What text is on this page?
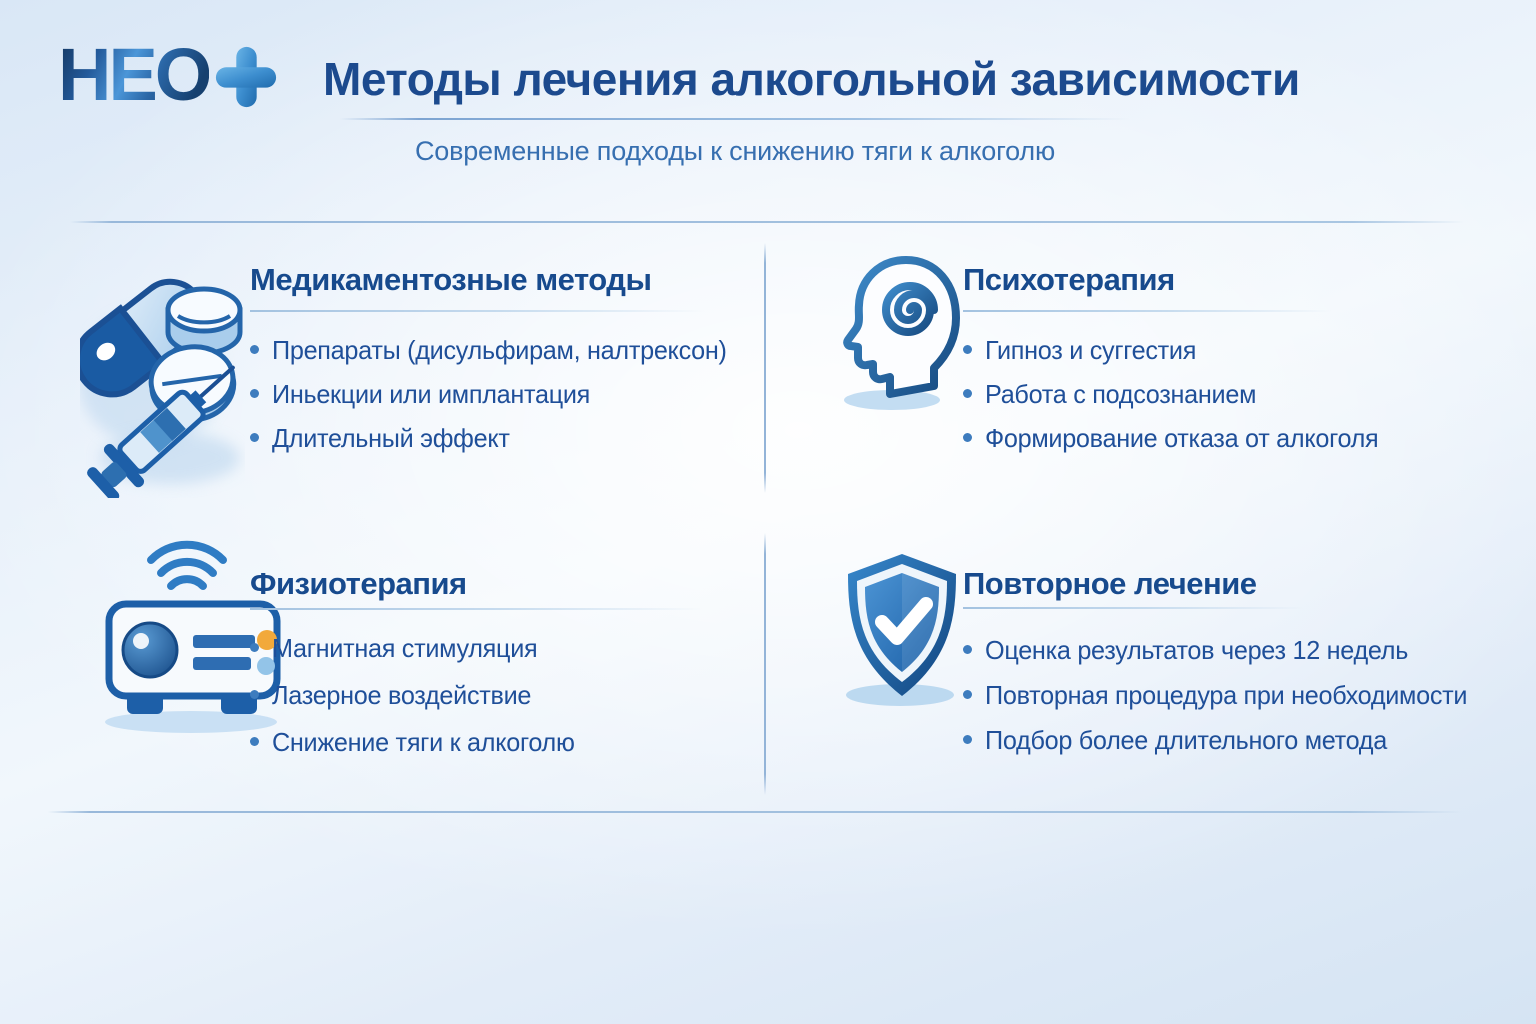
НЕО Методы лечения алкогольной зависимости
Современные подходы к снижению тяги к алкоголю
Медикаментозные методы
Препараты (дисульфирам, налтрексон)
Иньекции или имплантация
Длительный эффект
Психотерапия
Гипноз и суггестия
Работа с подсознанием
Формирование отказа от алкоголя
Физиотерапия
Магнитная стимуляция
Лазерное воздействие
Снижение тяги к алкоголю
Повторное лечение
Оценка результатов через 12 недель
Повторная процедура при необходимости
Подбор более длительного метода
